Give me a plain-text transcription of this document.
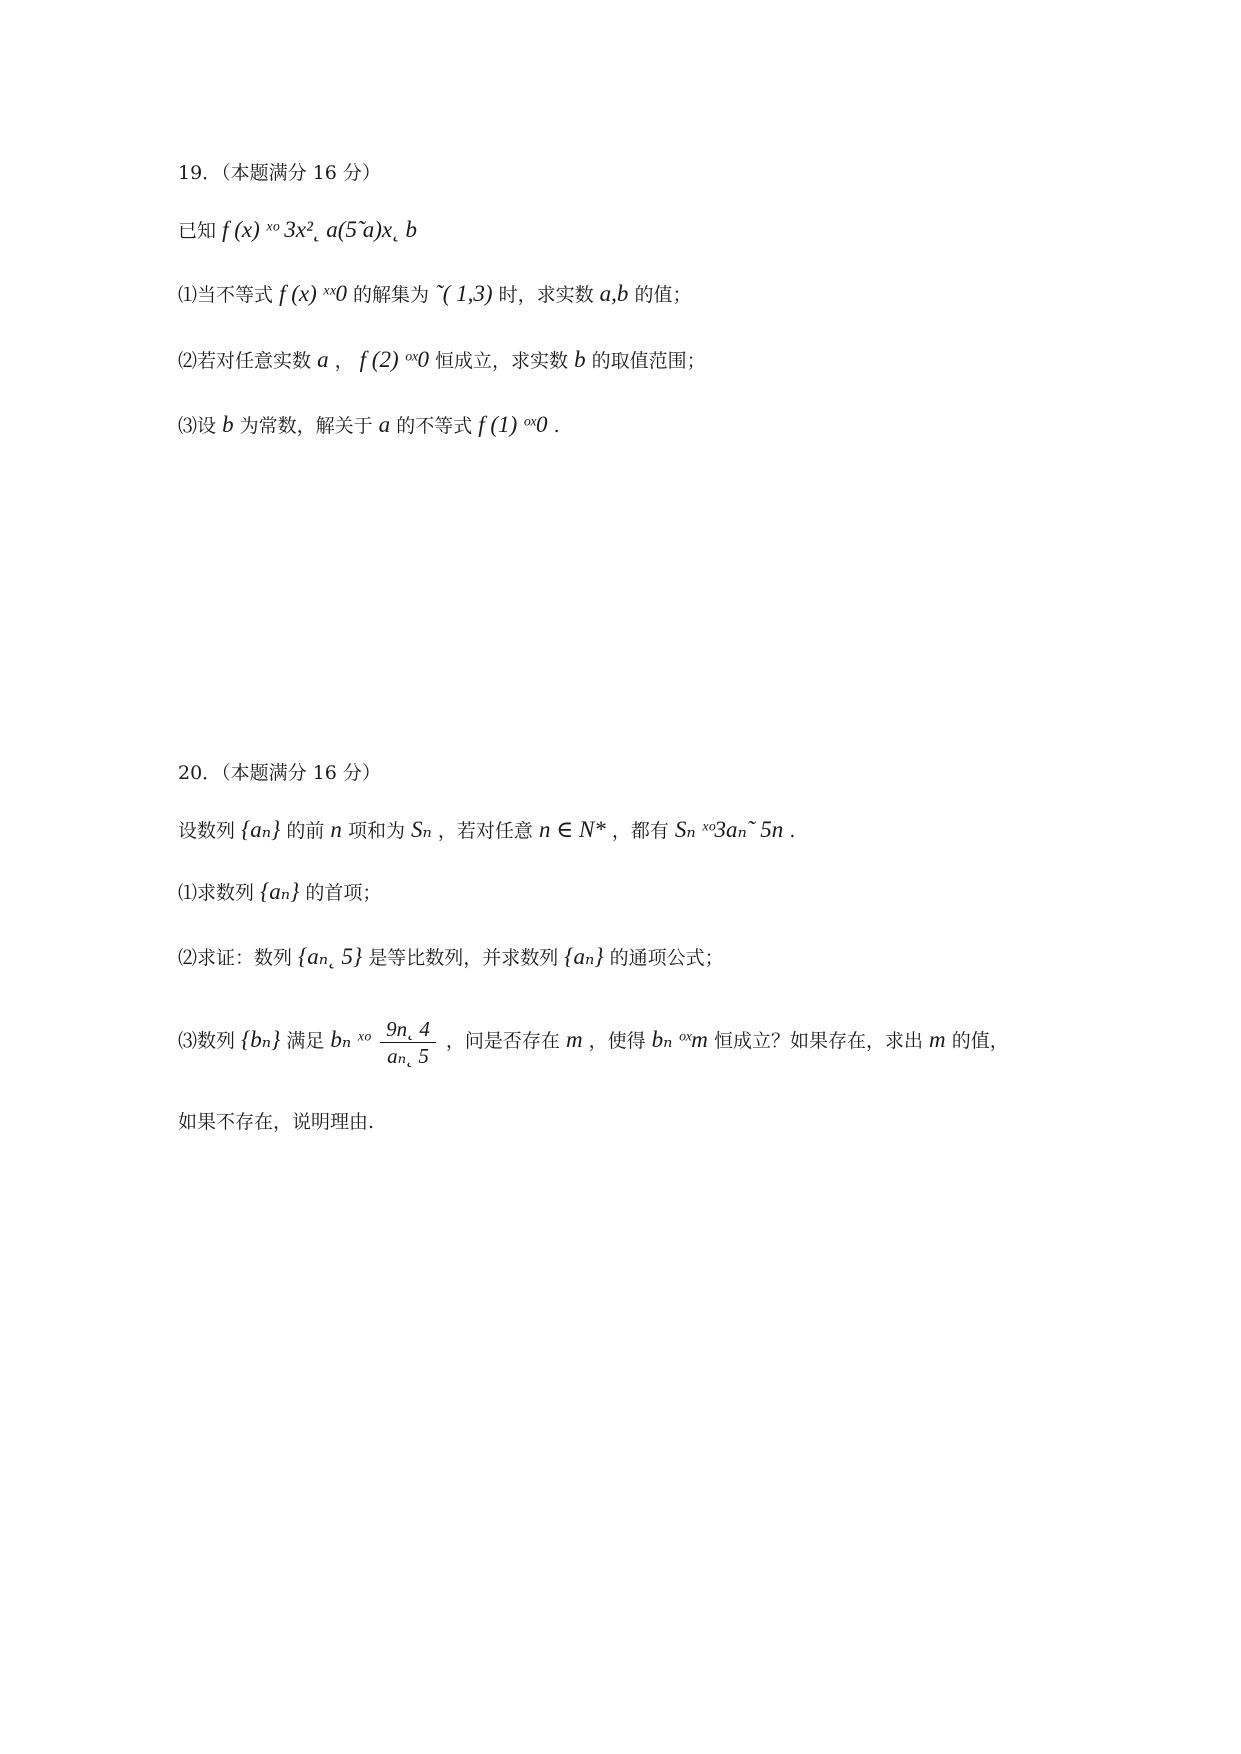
19．（本题满分 16 分）
已知 f (x) ˣᵒ 3x²˛ a(5̃ a)x˛ b
⑴当不等式 f (x) ˣˣ0 的解集为 ˜( 1,3) 时，求实数 a,b 的值；
⑵若对任意实数 a ， f (2) ᵒˣ0 恒成立，求实数 b 的取值范围；
⑶设 b 为常数，解关于 a 的不等式 f (1) ᵒˣ0 .
20．（本题满分 16 分）
设数列 {aₙ} 的前 n 项和为 Sₙ ，若对任意 n ∈ N* ，都有 Sₙ ˣᵒ3aₙ˜ 5n .
⑴求数列 {aₙ} 的首项；
⑵求证：数列 {aₙ˛ 5} 是等比数列，并求数列 {aₙ} 的通项公式；
⑶数列 {bₙ} 满足 bₙ ˣᵒ $\frac{9n˛ 4}{\text{aₙ˛ 5}}$ ，问是否存在 m ，使得 bₙ ᵒˣm 恒成立？如果存在，求出 m 的值，
如果不存在，说明理由.
